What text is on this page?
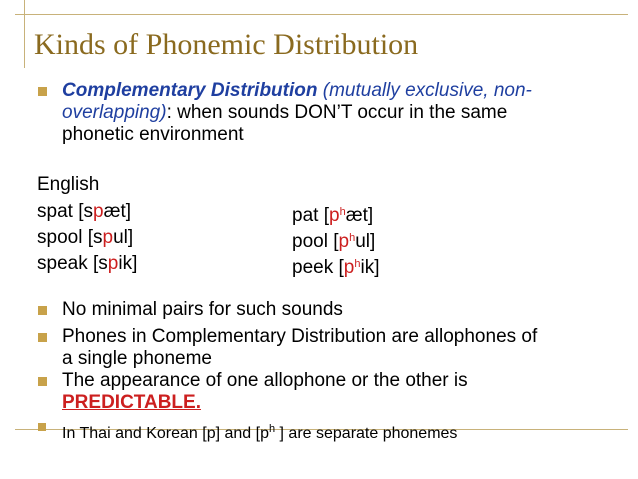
Kinds of Phonemic Distribution
Complementary Distribution (mutually exclusive, non-
overlapping): when sounds DON’T occur in the same
phonetic environment
English
spat [spæt]	pat $[p^hæt]$
spool [spul]	pool $[p^hul]$
speak [spik]	peek $[p^hik]$
No minimal pairs for such sounds
Phones in Complementary Distribution are allophones of
a single phoneme
The appearance of one allophone or the other is
PREDICTABLE.
In Thai and Korean [p] and [$p^h$ ] are separate phonemes
